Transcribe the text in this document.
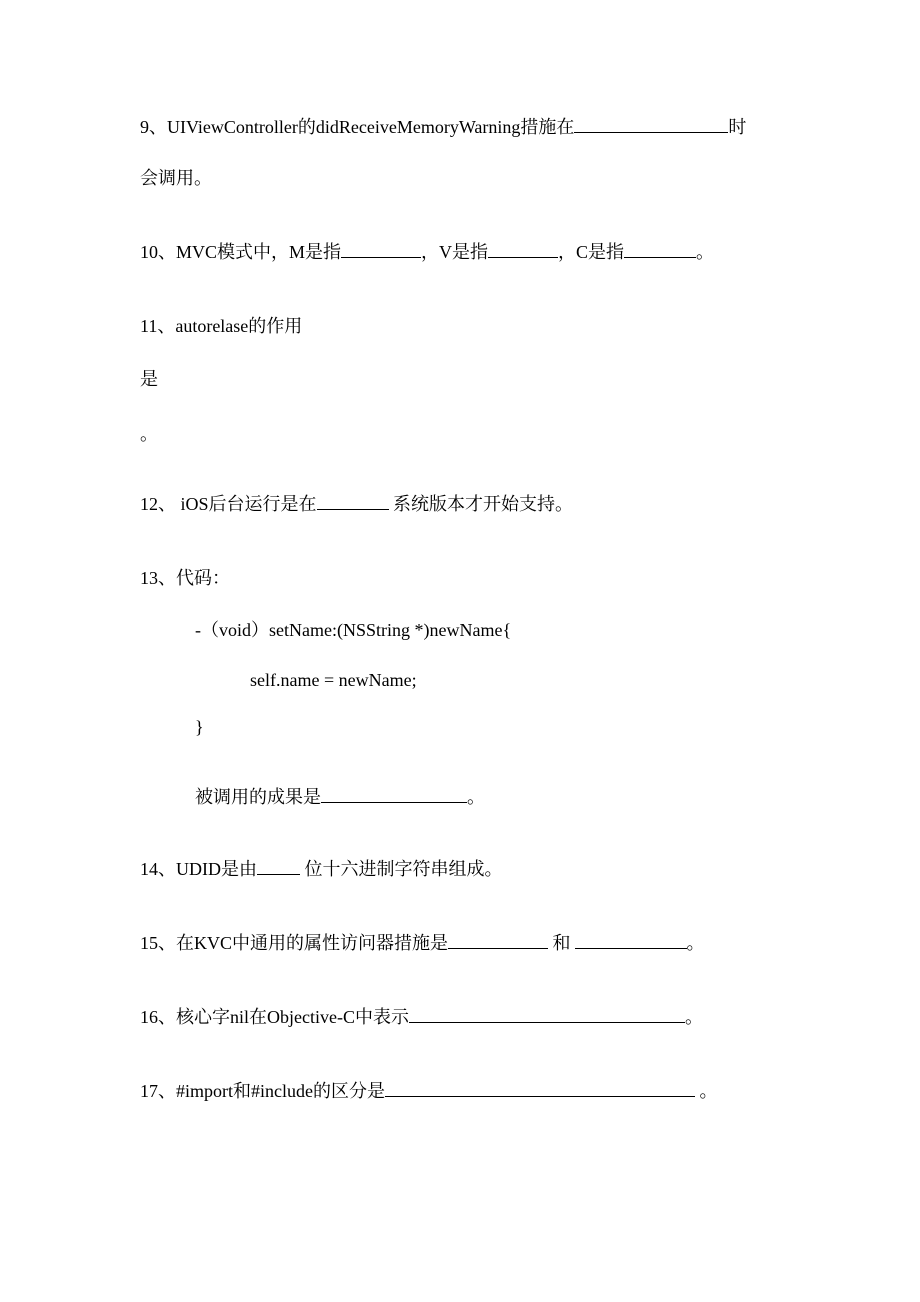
9、UIViewController的didReceiveMemoryWarning措施在	时
会调用。
10、MVC模式中，M是指	，V是指	，C是指	。
11、autorelase的作用
是
。
12、 iOS后台运行是在	系统版本才开始支持。
13、代码：
-（void）setName:(NSString *)newName{
self.name = newName;
}
被调用的成果是	。
14、UDID是由 位十六进制字符串组成。
15、在KVC中通用的属性访问器措施是	和	。
16、核心字nil在Objective-C中表示	。
17、#import和#include的区分是	。
